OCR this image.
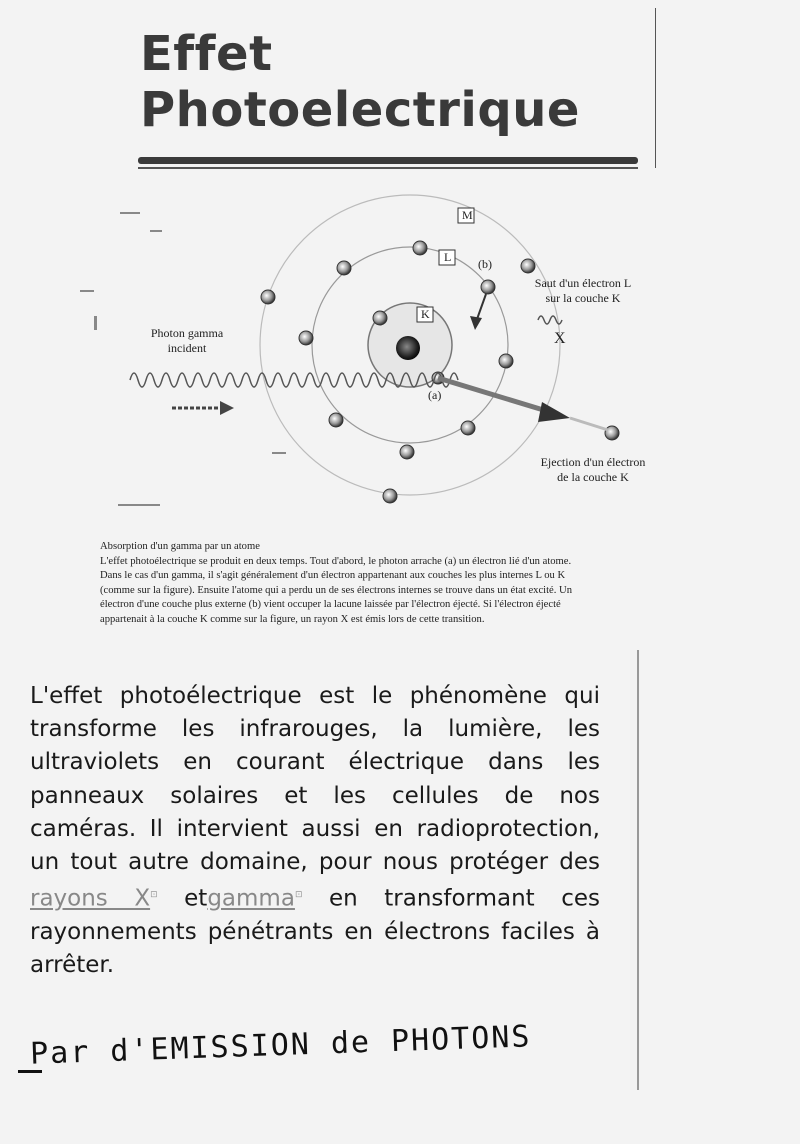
Effet
Photoelectrique
M
L
K
(b)
(a)
X
Photon gamma
incident
Saut d'un électron L
sur la couche K
Ejection d'un électron
de la couche K
Absorption d'un gamma par un atome
L'effet photoélectrique se produit en deux temps. Tout d'abord, le photon arrache (a) un électron lié d'un atome.
Dans le cas d'un gamma, il s'agit généralement d'un électron appartenant aux couches les plus internes L ou K
(comme sur la figure). Ensuite l'atome qui a perdu un de ses électrons internes se trouve dans un état excité. Un
électron d'une couche plus externe (b) vient occuper la lacune laissée par l'électron éjecté. Si l'électron éjecté
appartenait à la couche K comme sur la figure, un rayon X est émis lors de cette transition.
L'effet photoélectrique est le phénomène qui transforme les infrarouges, la lumière, les ultraviolets en courant électrique dans les panneaux solaires et les cellules de nos caméras. Il intervient aussi en radioprotection, un tout autre domaine, pour nous protéger des rayons X⊡ etgamma⊡ en transformant ces rayonnements pénétrants en électrons faciles à arrêter.
Par d'EMISSION de PHOTONS
